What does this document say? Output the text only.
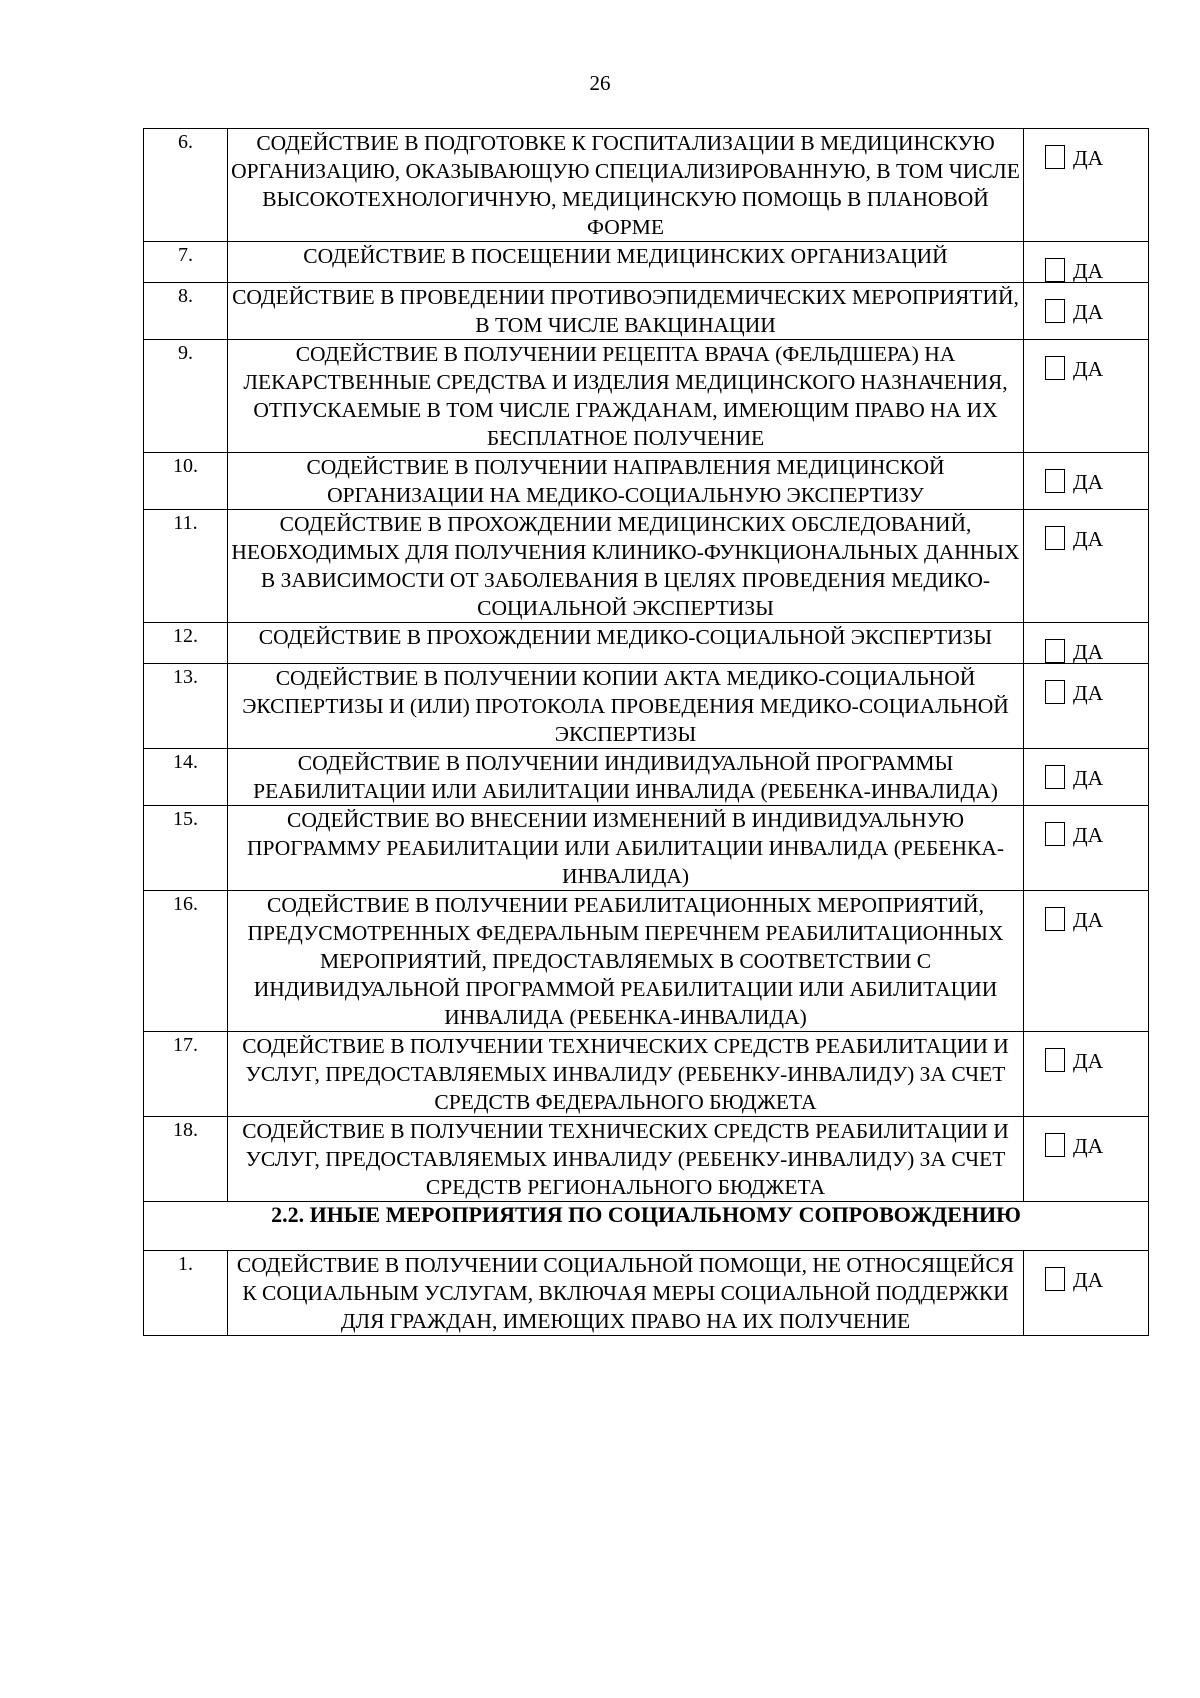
26
6.	СОДЕЙСТВИЕ В ПОДГОТОВКЕ К ГОСПИТАЛИЗАЦИИ В МЕДИЦИНСКУЮ ОРГАНИЗАЦИЮ, ОКАЗЫВАЮЩУЮ СПЕЦИАЛИЗИРОВАННУЮ, В ТОМ ЧИСЛЕ ВЫСОКОТЕХНОЛОГИЧНУЮ, МЕДИЦИНСКУЮ ПОМОЩЬ В ПЛАНОВОЙ ФОРМЕ	ДА

7.	СОДЕЙСТВИЕ В ПОСЕЩЕНИИ МЕДИЦИНСКИХ ОРГАНИЗАЦИЙ	ДА

8.	СОДЕЙСТВИЕ В ПРОВЕДЕНИИ ПРОТИВОЭПИДЕМИЧЕСКИХ МЕРОПРИЯТИЙ, В ТОМ ЧИСЛЕ ВАКЦИНАЦИИ	ДА

9.	СОДЕЙСТВИЕ В ПОЛУЧЕНИИ РЕЦЕПТА ВРАЧА (ФЕЛЬДШЕРА) НА ЛЕКАРСТВЕННЫЕ СРЕДСТВА И ИЗДЕЛИЯ МЕДИЦИНСКОГО НАЗНАЧЕНИЯ, ОТПУСКАЕМЫЕ В ТОМ ЧИСЛЕ ГРАЖДАНАМ, ИМЕЮЩИМ ПРАВО НА ИХ БЕСПЛАТНОЕ ПОЛУЧЕНИЕ	ДА

10.	СОДЕЙСТВИЕ В ПОЛУЧЕНИИ НАПРАВЛЕНИЯ МЕДИЦИНСКОЙ ОРГАНИЗАЦИИ НА МЕДИКО-СОЦИАЛЬНУЮ ЭКСПЕРТИЗУ	ДА

11.	СОДЕЙСТВИЕ В ПРОХОЖДЕНИИ МЕДИЦИНСКИХ ОБСЛЕДОВАНИЙ, НЕОБХОДИМЫХ ДЛЯ ПОЛУЧЕНИЯ КЛИНИКО-ФУНКЦИОНАЛЬНЫХ ДАННЫХ В ЗАВИСИМОСТИ ОТ ЗАБОЛЕВАНИЯ В ЦЕЛЯХ ПРОВЕДЕНИЯ МЕДИКО-СОЦИАЛЬНОЙ ЭКСПЕРТИЗЫ	ДА

12.	СОДЕЙСТВИЕ В ПРОХОЖДЕНИИ МЕДИКО-СОЦИАЛЬНОЙ ЭКСПЕРТИЗЫ	ДА

13.	СОДЕЙСТВИЕ В ПОЛУЧЕНИИ КОПИИ АКТА МЕДИКО-СОЦИАЛЬНОЙ ЭКСПЕРТИЗЫ И (ИЛИ) ПРОТОКОЛА ПРОВЕДЕНИЯ МЕДИКО-СОЦИАЛЬНОЙ ЭКСПЕРТИЗЫ	ДА

14.	СОДЕЙСТВИЕ В ПОЛУЧЕНИИ ИНДИВИДУАЛЬНОЙ ПРОГРАММЫ РЕАБИЛИТАЦИИ ИЛИ АБИЛИТАЦИИ ИНВАЛИДА (РЕБЕНКА-ИНВАЛИДА)	ДА

15.	СОДЕЙСТВИЕ ВО ВНЕСЕНИИ ИЗМЕНЕНИЙ В ИНДИВИДУАЛЬНУЮ ПРОГРАММУ РЕАБИЛИТАЦИИ ИЛИ АБИЛИТАЦИИ ИНВАЛИДА (РЕБЕНКА-ИНВАЛИДА)	ДА

16.	СОДЕЙСТВИЕ В ПОЛУЧЕНИИ РЕАБИЛИТАЦИОННЫХ МЕРОПРИЯТИЙ, ПРЕДУСМОТРЕННЫХ ФЕДЕРАЛЬНЫМ ПЕРЕЧНЕМ РЕАБИЛИТАЦИОННЫХ МЕРОПРИЯТИЙ, ПРЕДОСТАВЛЯЕМЫХ В СООТВЕТСТВИИ С ИНДИВИДУАЛЬНОЙ ПРОГРАММОЙ РЕАБИЛИТАЦИИ ИЛИ АБИЛИТАЦИИ ИНВАЛИДА (РЕБЕНКА-ИНВАЛИДА)	ДА

17.	СОДЕЙСТВИЕ В ПОЛУЧЕНИИ ТЕХНИЧЕСКИХ СРЕДСТВ РЕАБИЛИТАЦИИ И УСЛУГ, ПРЕДОСТАВЛЯЕМЫХ ИНВАЛИДУ (РЕБЕНКУ-ИНВАЛИДУ) ЗА СЧЕТ СРЕДСТВ ФЕДЕРАЛЬНОГО БЮДЖЕТА	ДА

18.	СОДЕЙСТВИЕ В ПОЛУЧЕНИИ ТЕХНИЧЕСКИХ СРЕДСТВ РЕАБИЛИТАЦИИ И УСЛУГ, ПРЕДОСТАВЛЯЕМЫХ ИНВАЛИДУ (РЕБЕНКУ-ИНВАЛИДУ) ЗА СЧЕТ СРЕДСТВ РЕГИОНАЛЬНОГО БЮДЖЕТА	ДА

2.2. ИНЫЕ МЕРОПРИЯТИЯ ПО СОЦИАЛЬНОМУ СОПРОВОЖДЕНИЮ		
1.	СОДЕЙСТВИЕ В ПОЛУЧЕНИИ СОЦИАЛЬНОЙ ПОМОЩИ, НЕ ОТНОСЯЩЕЙСЯ К СОЦИАЛЬНЫМ УСЛУГАМ, ВКЛЮЧАЯ МЕРЫ СОЦИАЛЬНОЙ ПОДДЕРЖКИ ДЛЯ ГРАЖДАН, ИМЕЮЩИХ ПРАВО НА ИХ ПОЛУЧЕНИЕ	ДА
